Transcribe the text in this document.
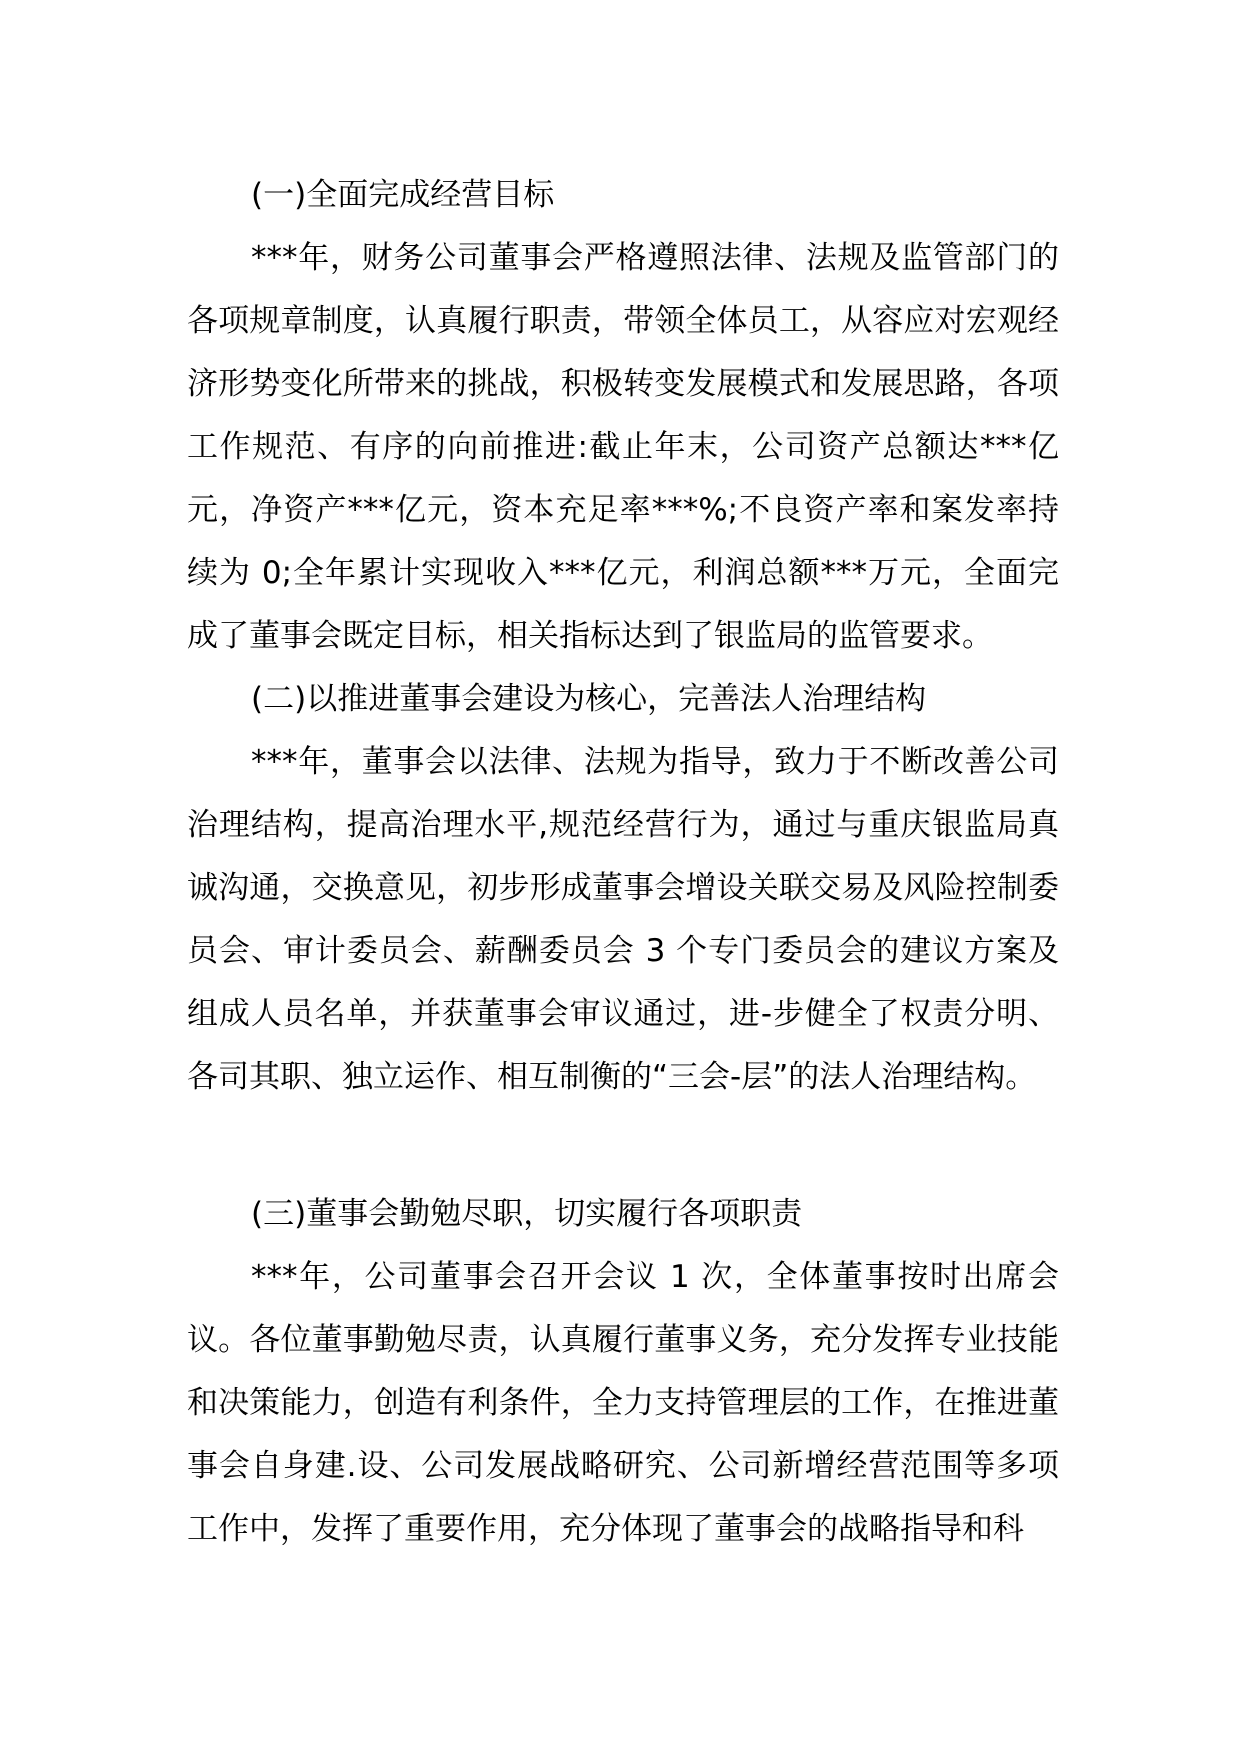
(一)全面完成经营目标

***年，财务公司董事会严格遵照法律、法规及监管部门的各项规章制度，认真履行职责，带领全体员工，从容应对宏观经济形势变化所带来的挑战，积极转变发展模式和发展思路，各项工作规范、有序的向前推进:截止年末，公司资产总额达***亿元，净资产***亿元，资本充足率***%;不良资产率和案发率持续为 0;全年累计实现收入***亿元，利润总额***万元，全面完成了董事会既定目标，相关指标达到了银监局的监管要求。

(二)以推进董事会建设为核心，完善法人治理结构

***年，董事会以法律、法规为指导，致力于不断改善公司治理结构，提高治理水平,规范经营行为，通过与重庆银监局真诚沟通，交换意见，初步形成董事会增设关联交易及风险控制委员会、审计委员会、薪酬委员会 3 个专门委员会的建议方案及组成人员名单，并获董事会审议通过，进-步健全了权责分明、各司其职、独立运作、相互制衡的“三会-层”的法人治理结构。

(三)董事会勤勉尽职，切实履行各项职责

***年，公司董事会召开会议 1 次，全体董事按时出席会议。各位董事勤勉尽责，认真履行董事义务，充分发挥专业技能和决策能力，创造有利条件，全力支持管理层的工作，在推进董事会自身建.设、公司发展战略研究、公司新增经营范围等多项工作中，发挥了重要作用，充分体现了董事会的战略指导和科
